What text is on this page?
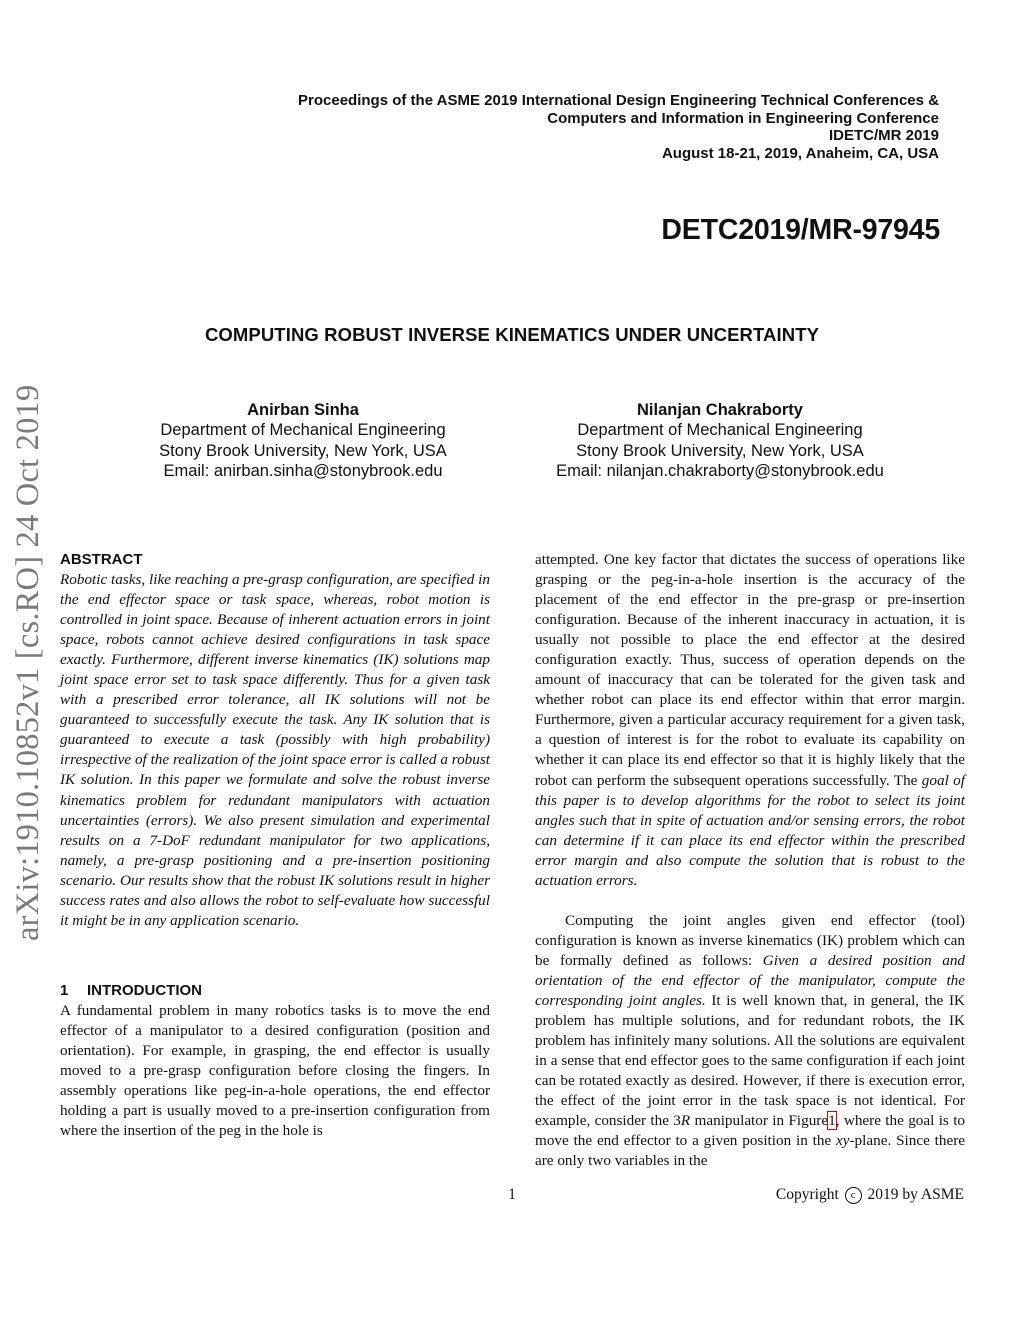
Proceedings of the ASME 2019 International Design Engineering Technical Conferences &
Computers and Information in Engineering Conference
IDETC/MR 2019
August 18-21, 2019, Anaheim, CA, USA
DETC2019/MR-97945
arXiv:1910.10852v1 [cs.RO] 24 Oct 2019
COMPUTING ROBUST INVERSE KINEMATICS UNDER UNCERTAINTY
Anirban Sinha
Department of Mechanical Engineering
Stony Brook University, New York, USA
Email: anirban.sinha@stonybrook.edu
Nilanjan Chakraborty
Department of Mechanical Engineering
Stony Brook University, New York, USA
Email: nilanjan.chakraborty@stonybrook.edu
ABSTRACT

Robotic tasks, like reaching a pre-grasp configuration, are specified in the end effector space or task space, whereas, robot motion is controlled in joint space. Because of inherent actuation errors in joint space, robots cannot achieve desired configurations in task space exactly. Furthermore, different inverse kinematics (IK) solutions map joint space error set to task space differently. Thus for a given task with a prescribed error tolerance, all IK solutions will not be guaranteed to successfully execute the task. Any IK solution that is guaranteed to execute a task (possibly with high probability) irrespective of the realization of the joint space error is called a robust IK solution. In this paper we formulate and solve the robust inverse kinematics problem for redundant manipulators with actuation uncertainties (errors). We also present simulation and experimental results on a 7-DoF redundant manipulator for two applications, namely, a pre-grasp positioning and a pre-insertion positioning scenario. Our results show that the robust IK solutions result in higher success rates and also allows the robot to self-evaluate how successful it might be in any application scenario.

1 INTRODUCTION

A fundamental problem in many robotics tasks is to move the end effector of a manipulator to a desired configuration (position and orientation). For example, in grasping, the end effector is usually moved to a pre-grasp configuration before closing the fingers. In assembly operations like peg-in-a-hole operations, the end effector holding a part is usually moved to a pre-insertion configuration from where the insertion of the peg in the hole is

attempted. One key factor that dictates the success of operations like grasping or the peg-in-a-hole insertion is the accuracy of the placement of the end effector in the pre-grasp or pre-insertion configuration. Because of the inherent inaccuracy in actuation, it is usually not possible to place the end effector at the desired configuration exactly. Thus, success of operation depends on the amount of inaccuracy that can be tolerated for the given task and whether robot can place its end effector within that error margin. Furthermore, given a particular accuracy requirement for a given task, a question of interest is for the robot to evaluate its capability on whether it can place its end effector so that it is highly likely that the robot can perform the subsequent operations successfully. The goal of this paper is to develop algorithms for the robot to select its joint angles such that in spite of actuation and/or sensing errors, the robot can determine if it can place its end effector within the prescribed error margin and also compute the solution that is robust to the actuation errors.

Computing the joint angles given end effector (tool) configuration is known as inverse kinematics (IK) problem which can be formally defined as follows: Given a desired position and orientation of the end effector of the manipulator, compute the corresponding joint angles. It is well known that, in general, the IK problem has multiple solutions, and for redundant robots, the IK problem has infinitely many solutions. All the solutions are equivalent in a sense that end effector goes to the same configuration if each joint can be rotated exactly as desired. However, if there is execution error, the effect of the joint error in the task space is not identical. For example, consider the 3R manipulator in Figure1, where the goal is to move the end effector to a given position in the xy-plane. Since there are only two variables in the

1	Copyright c 2019 by ASME
